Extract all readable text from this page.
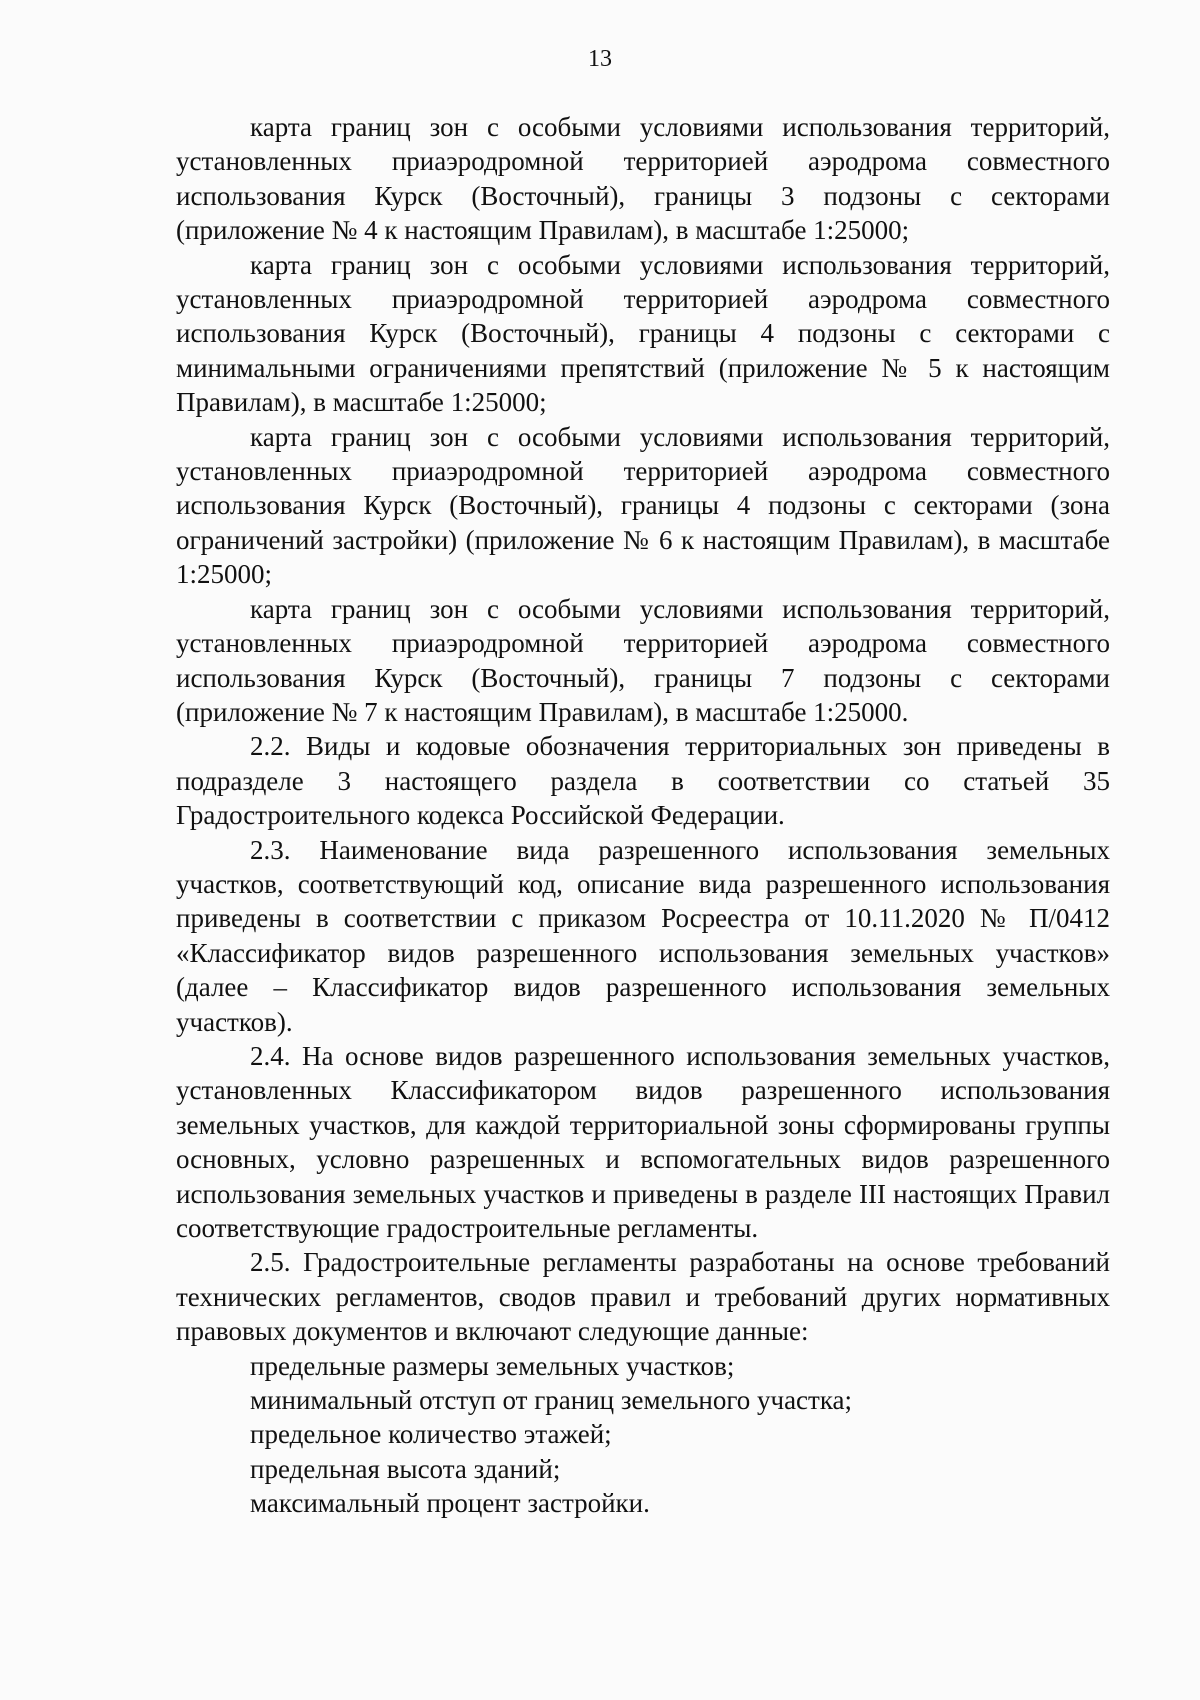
13

карта границ зон с особыми условиями использования территорий, установленных приаэродромной территорией аэродрома совместного использования Курск (Восточный), границы 3 подзоны с секторами (приложение № 4 к настоящим Правилам), в масштабе 1:25000;

карта границ зон с особыми условиями использования территорий, установленных приаэродромной территорией аэродрома совместного использования Курск (Восточный), границы 4 подзоны с секторами с минимальными ограничениями препятствий (приложение № 5 к настоящим Правилам), в масштабе 1:25000;

карта границ зон с особыми условиями использования территорий, установленных приаэродромной территорией аэродрома совместного использования Курск (Восточный), границы 4 подзоны с секторами (зона ограничений застройки) (приложение № 6 к настоящим Правилам), в масштабе 1:25000;

карта границ зон с особыми условиями использования территорий, установленных приаэродромной территорией аэродрома совместного использования Курск (Восточный), границы 7 подзоны с секторами (приложение № 7 к настоящим Правилам), в масштабе 1:25000.

2.2. Виды и кодовые обозначения территориальных зон приведены в подразделе 3 настоящего раздела в соответствии со статьей 35 Градостроительного кодекса Российской Федерации.

2.3. Наименование вида разрешенного использования земельных участков, соответствующий код, описание вида разрешенного использования приведены в соответствии с приказом Росреестра от 10.11.2020 № П/0412 «Классификатор видов разрешенного использования земельных участков» (далее – Классификатор видов разрешенного использования земельных участков).

2.4. На основе видов разрешенного использования земельных участков, установленных Классификатором видов разрешенного использования земельных участков, для каждой территориальной зоны сформированы группы основных, условно разрешенных и вспомогательных видов разрешенного использования земельных участков и приведены в разделе III настоящих Правил соответствующие градостроительные регламенты.

2.5. Градостроительные регламенты разработаны на основе требований технических регламентов, сводов правил и требований других нормативных правовых документов и включают следующие данные:

предельные размеры земельных участков;

минимальный отступ от границ земельного участка;

предельное количество этажей;

предельная высота зданий;

максимальный процент застройки.
